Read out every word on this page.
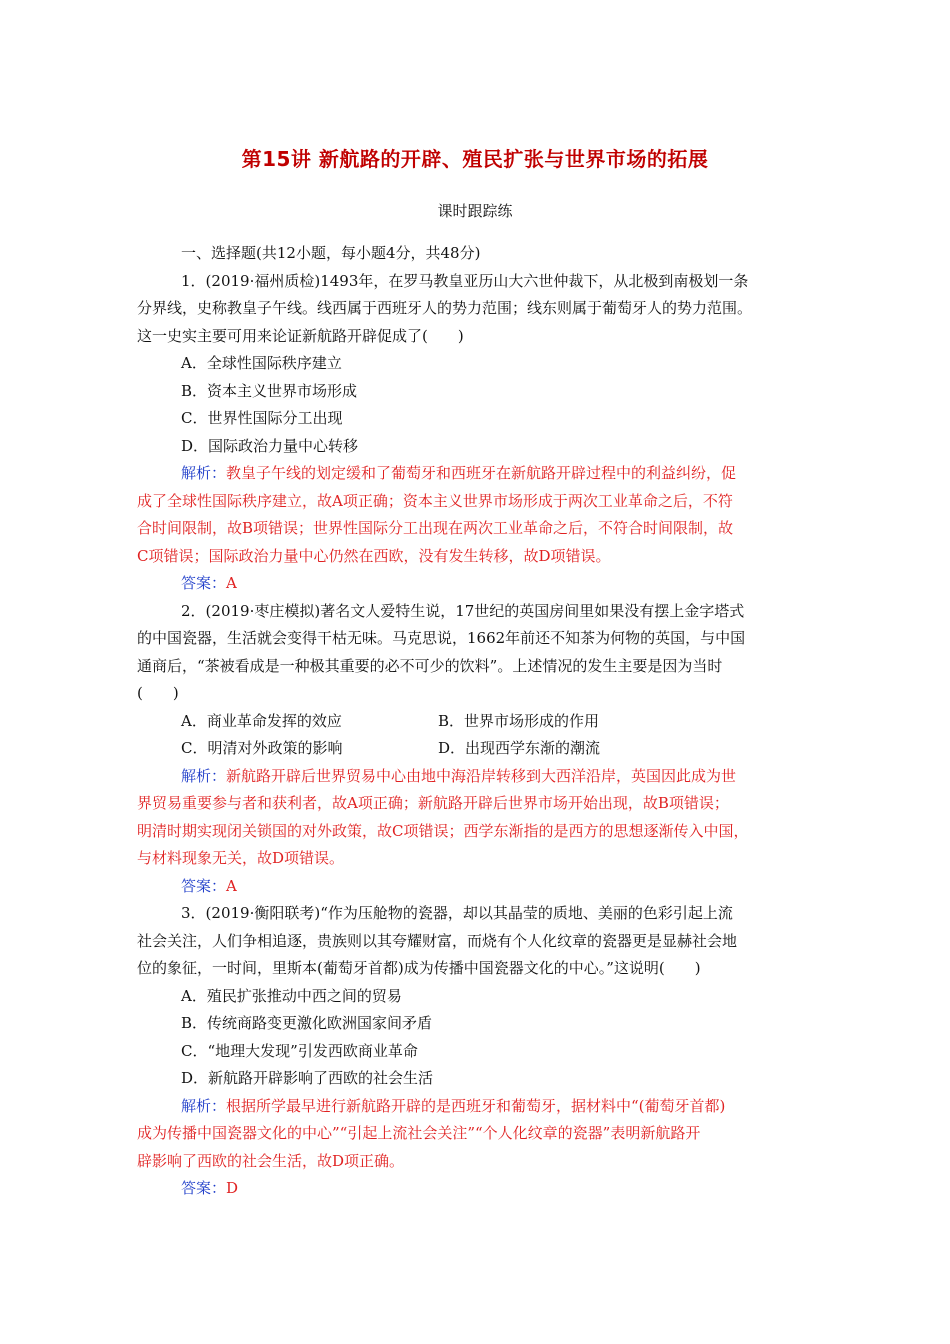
第15讲 新航路的开辟、殖民扩张与世界市场的拓展
课时跟踪练
一、选择题(共12小题，每小题4分，共48分)
1．(2019·福州质检)1493年，在罗马教皇亚历山大六世仲裁下，从北极到南极划一条
分界线，史称教皇子午线。线西属于西班牙人的势力范围；线东则属于葡萄牙人的势力范围。
这一史实主要可用来论证新航路开辟促成了(　　)
A．全球性国际秩序建立
B．资本主义世界市场形成
C．世界性国际分工出现
D．国际政治力量中心转移
解析：教皇子午线的划定缓和了葡萄牙和西班牙在新航路开辟过程中的利益纠纷，促
成了全球性国际秩序建立，故A项正确；资本主义世界市场形成于两次工业革命之后，不符
合时间限制，故B项错误；世界性国际分工出现在两次工业革命之后，不符合时间限制，故
C项错误；国际政治力量中心仍然在西欧，没有发生转移，故D项错误。
答案：A
2．(2019·枣庄模拟)著名文人爱特生说，17世纪的英国房间里如果没有摆上金字塔式
的中国瓷器，生活就会变得干枯无味。马克思说，1662年前还不知茶为何物的英国，与中国
通商后，“茶被看成是一种极其重要的必不可少的饮料”。上述情况的发生主要是因为当时
(　　)
A．商业革命发挥的效应	B．世界市场形成的作用
C．明清对外政策的影响	D．出现西学东渐的潮流
解析：新航路开辟后世界贸易中心由地中海沿岸转移到大西洋沿岸，英国因此成为世
界贸易重要参与者和获利者，故A项正确；新航路开辟后世界市场开始出现，故B项错误；
明清时期实现闭关锁国的对外政策，故C项错误；西学东渐指的是西方的思想逐渐传入中国，
与材料现象无关，故D项错误。
答案：A
3．(2019·衡阳联考)“作为压舱物的瓷器，却以其晶莹的质地、美丽的色彩引起上流
社会关注，人们争相追逐，贵族则以其夸耀财富，而烧有个人化纹章的瓷器更是显赫社会地
位的象征，一时间，里斯本(葡萄牙首都)成为传播中国瓷器文化的中心。”这说明(　　)
A．殖民扩张推动中西之间的贸易
B．传统商路变更激化欧洲国家间矛盾
C．“地理大发现”引发西欧商业革命
D．新航路开辟影响了西欧的社会生活
解析：根据所学最早进行新航路开辟的是西班牙和葡萄牙，据材料中“(葡萄牙首都)
成为传播中国瓷器文化的中心”“引起上流社会关注”“个人化纹章的瓷器”表明新航路开
辟影响了西欧的社会生活，故D项正确。
答案：D
